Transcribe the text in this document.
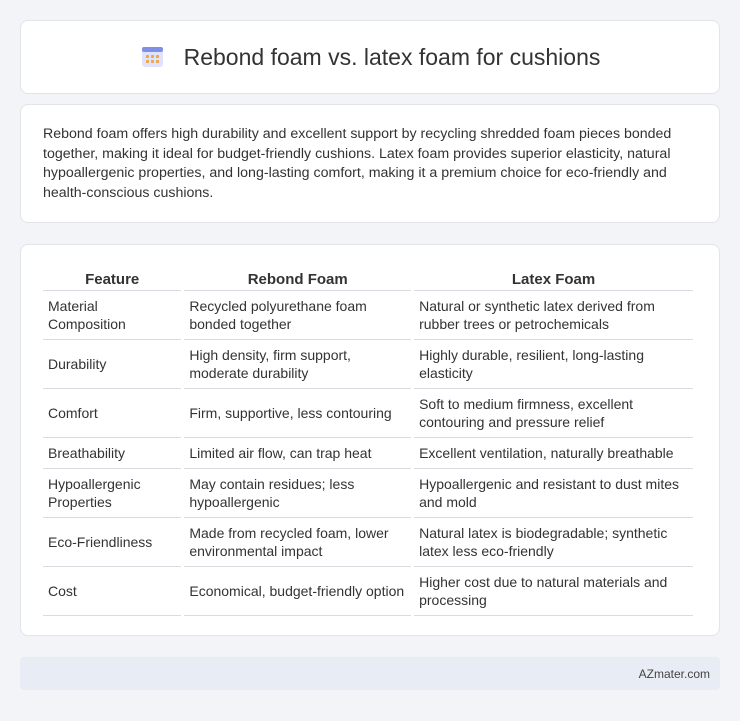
Rebond foam vs. latex foam for cushions

Rebond foam offers high durability and excellent support by recycling shredded foam pieces bonded together, making it ideal for budget-friendly cushions. Latex foam provides superior elasticity, natural hypoallergenic properties, and long-lasting comfort, making it a premium choice for eco-friendly and health-conscious cushions.

Feature	Rebond Foam	Latex Foam
Material Composition	Recycled polyurethane foam bonded together	Natural or synthetic latex derived from rubber trees or petrochemicals
Durability	High density, firm support, moderate durability	Highly durable, resilient, long-lasting elasticity
Comfort	Firm, supportive, less contouring	Soft to medium firmness, excellent contouring and pressure relief
Breathability	Limited air flow, can trap heat	Excellent ventilation, naturally breathable
Hypoallergenic Properties	May contain residues; less hypoallergenic	Hypoallergenic and resistant to dust mites and mold
Eco-Friendliness	Made from recycled foam, lower environmental impact	Natural latex is biodegradable; synthetic latex less eco-friendly
Cost	Economical, budget-friendly option	Higher cost due to natural materials and processing
AZmater.com
